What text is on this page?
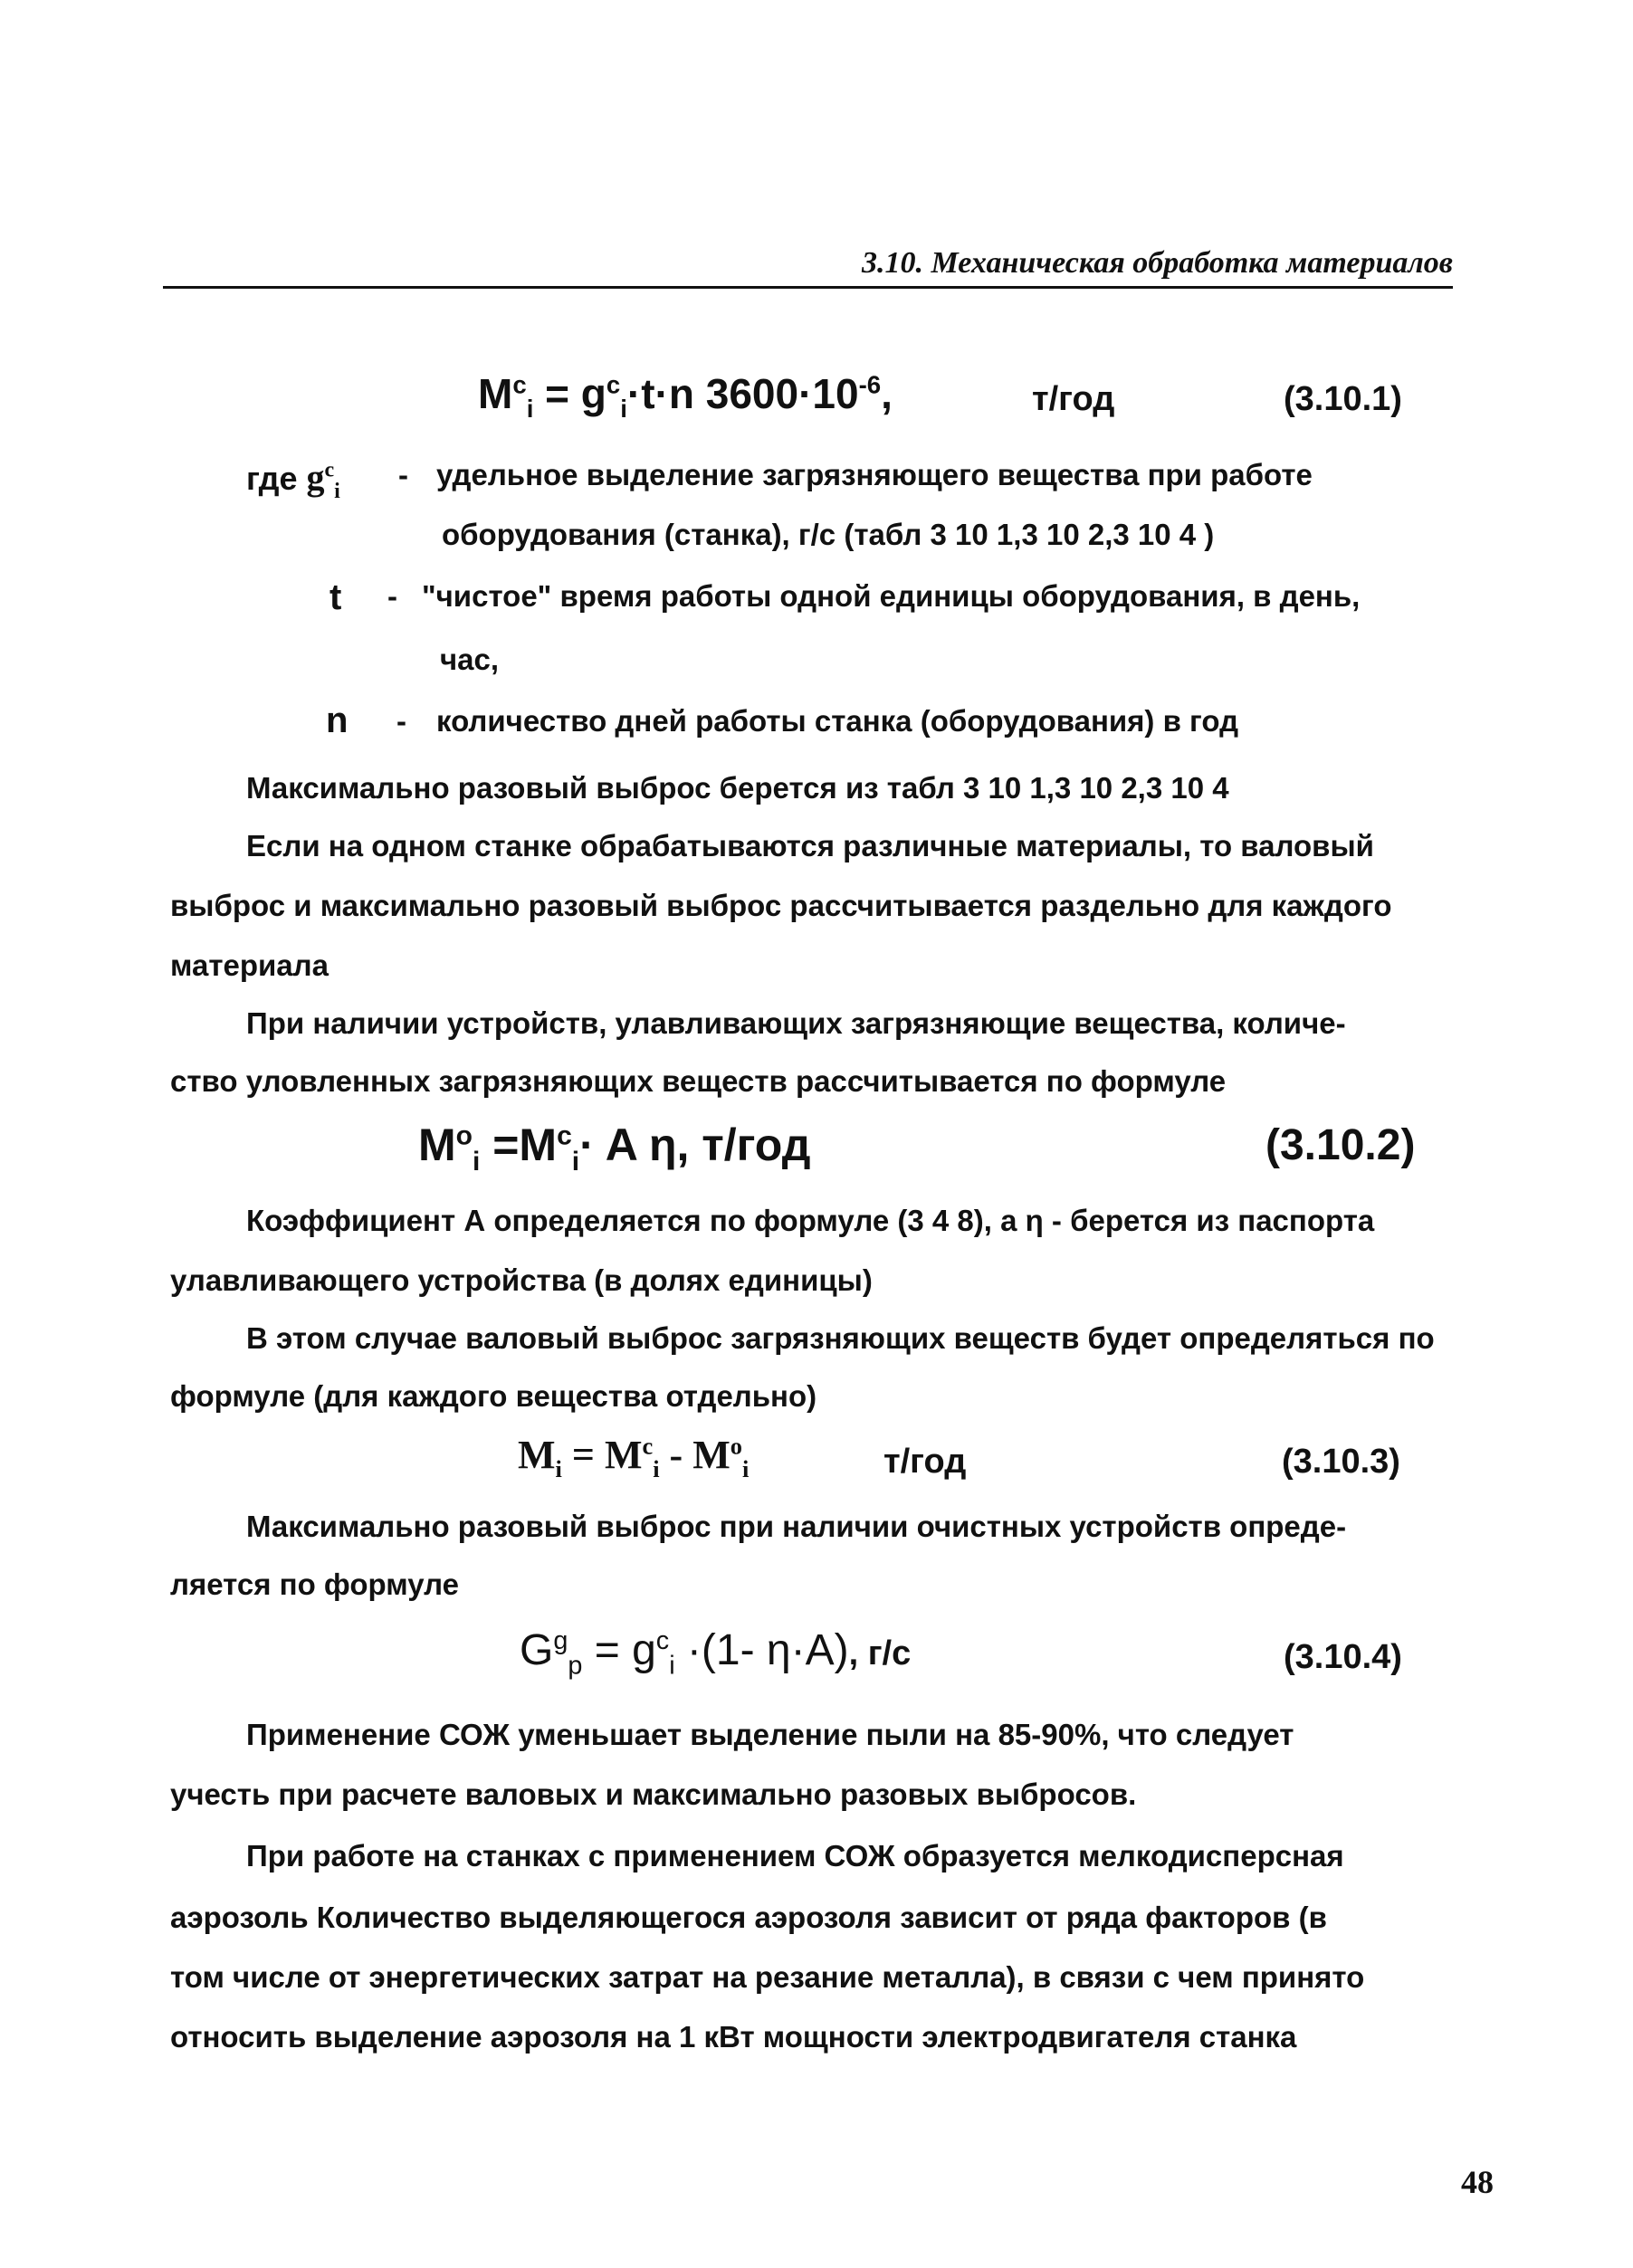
3.10. Механическая обработка материалов
$M^c_i = g^c_i\cdot t\cdot n$ $3600\cdot 10^{-6}$,	т/год	(3.10.1)
где $g^c_i$ - удельное выделение загрязняющего вещества при работе
оборудования (станка), г/с (табл 3 10 1,3 10 2,3 10 4 )
t - "чистое" время работы одной единицы оборудования, в день,
час,
n - количество дней работы станка (оборудования) в год
Максимально разовый выброс берется из табл 3 10 1,3 10 2,3 10 4
Если на одном станке обрабатываются различные материалы, то валовый
выброс и максимально разовый выброс рассчитывается раздельно для каждого
материала
При наличии устройств, улавливающих загрязняющие вещества, количе-
ство уловленных загрязняющих веществ рассчитывается по формуле
$M^o_i =M^c_i\cdot A$ η, т/год	(3.10.2)
Коэффициент А определяется по формуле (3 4 8), а η - берется из паспорта
улавливающего устройства (в долях единицы)
В этом случае валовый выброс загрязняющих веществ будет определяться по
формуле (для каждого вещества отдельно)
$M_i = M^c_i - M^o_i$	т/год	(3.10.3)
Максимально разовый выброс при наличии очистных устройств опреде-
ляется по формуле
$G^g_p = g^c_i \cdot(1-$ η·A), г/с	(3.10.4)
Применение СОЖ уменьшает выделение пыли на 85-90%, что следует
учесть при расчете валовых и максимально разовых выбросов.
При работе на станках с применением СОЖ образуется мелкодисперсная
аэрозоль Количество выделяющегося аэрозоля зависит от ряда факторов (в
том числе от энергетических затрат на резание металла), в связи с чем принято
относить выделение аэрозоля на 1 кВт мощности электродвигателя станка
48
